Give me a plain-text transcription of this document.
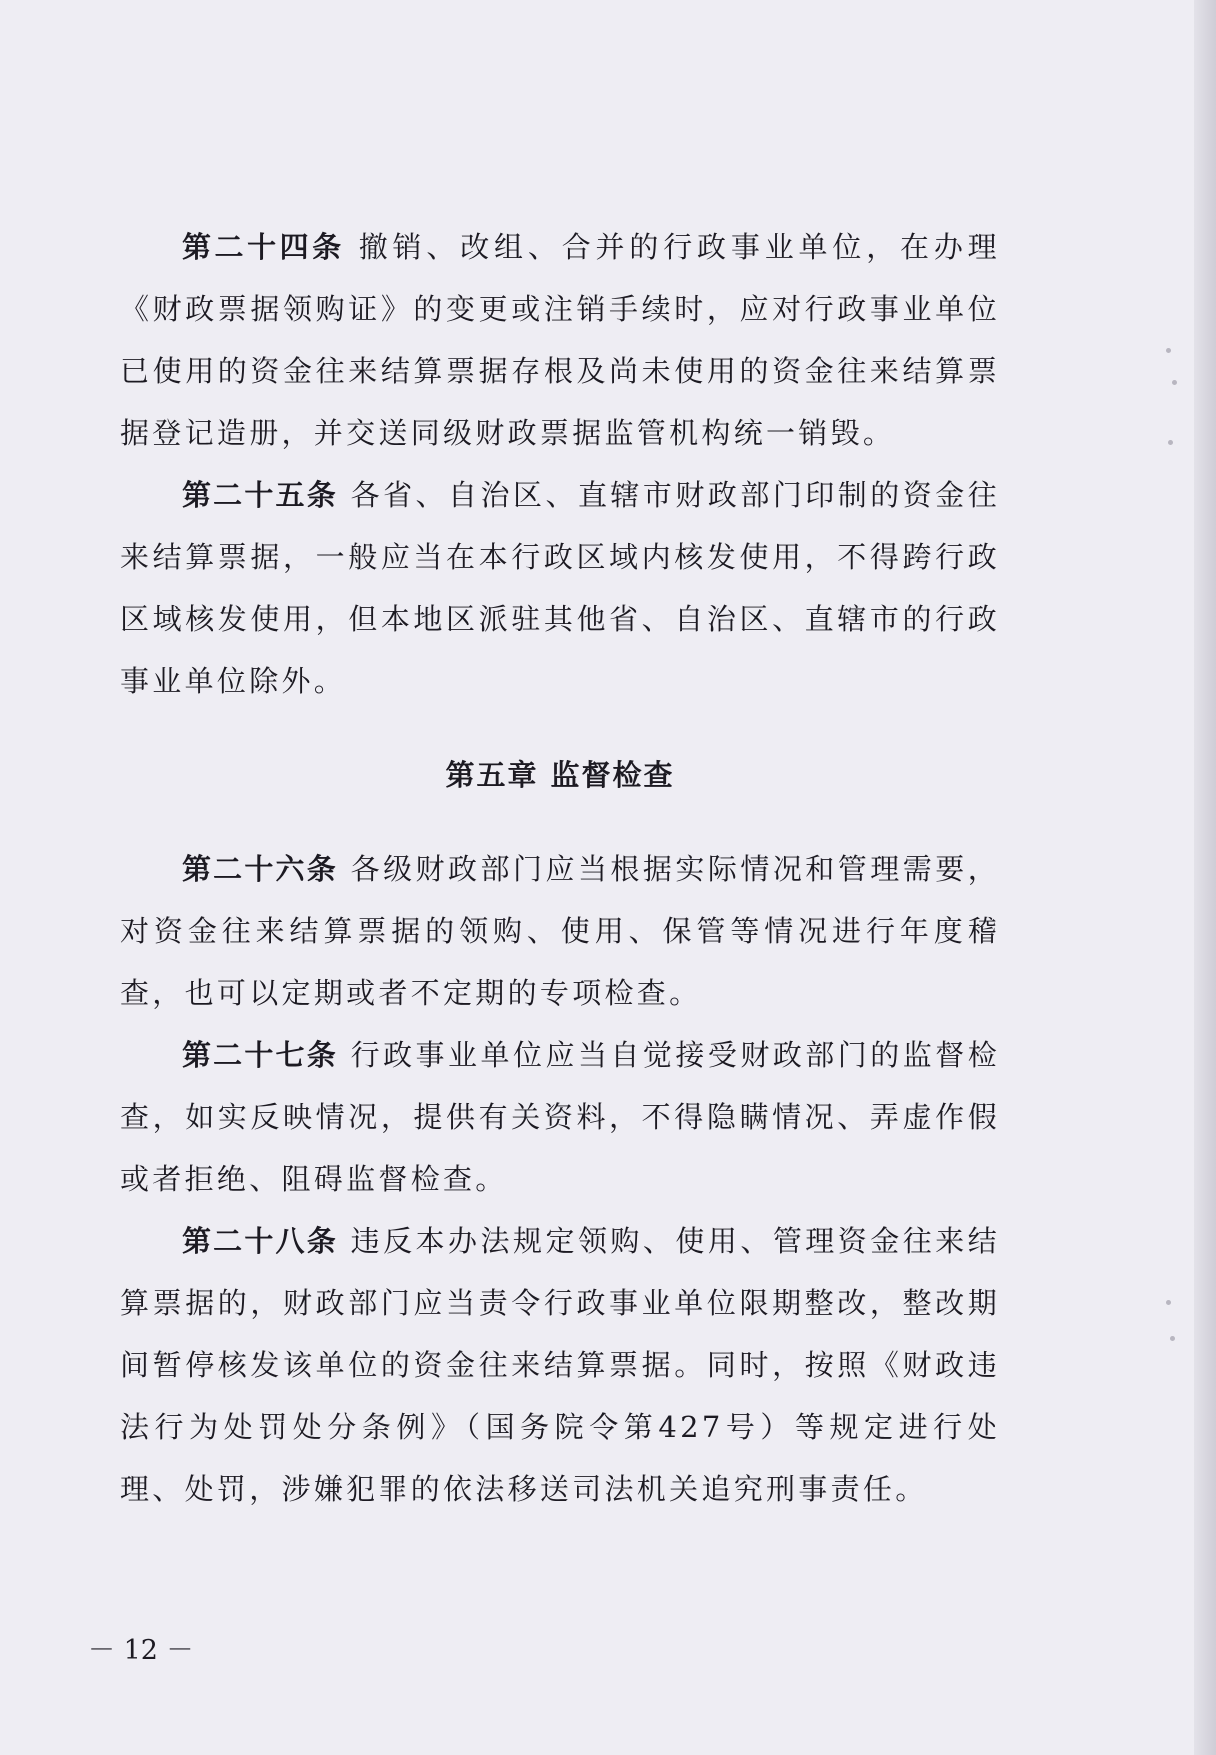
第二十四条 撤销、改组、合并的行政事业单位，在办理《财政票据领购证》的变更或注销手续时，应对行政事业单位已使用的资金往来结算票据存根及尚未使用的资金往来结算票据登记造册，并交送同级财政票据监管机构统一销毁。

第二十五条 各省、自治区、直辖市财政部门印制的资金往来结算票据，一般应当在本行政区域内核发使用，不得跨行政区域核发使用，但本地区派驻其他省、自治区、直辖市的行政事业单位除外。

第五章 监督检查

第二十六条 各级财政部门应当根据实际情况和管理需要，对资金往来结算票据的领购、使用、保管等情况进行年度稽查，也可以定期或者不定期的专项检查。

第二十七条 行政事业单位应当自觉接受财政部门的监督检查，如实反映情况，提供有关资料，不得隐瞒情况、弄虚作假或者拒绝、阻碍监督检查。

第二十八条 违反本办法规定领购、使用、管理资金往来结算票据的，财政部门应当责令行政事业单位限期整改，整改期间暂停核发该单位的资金往来结算票据。同时，按照《财政违法行为处罚处分条例》（国务院令第427号）等规定进行处理、处罚，涉嫌犯罪的依法移送司法机关追究刑事责任。

－ 12 －
